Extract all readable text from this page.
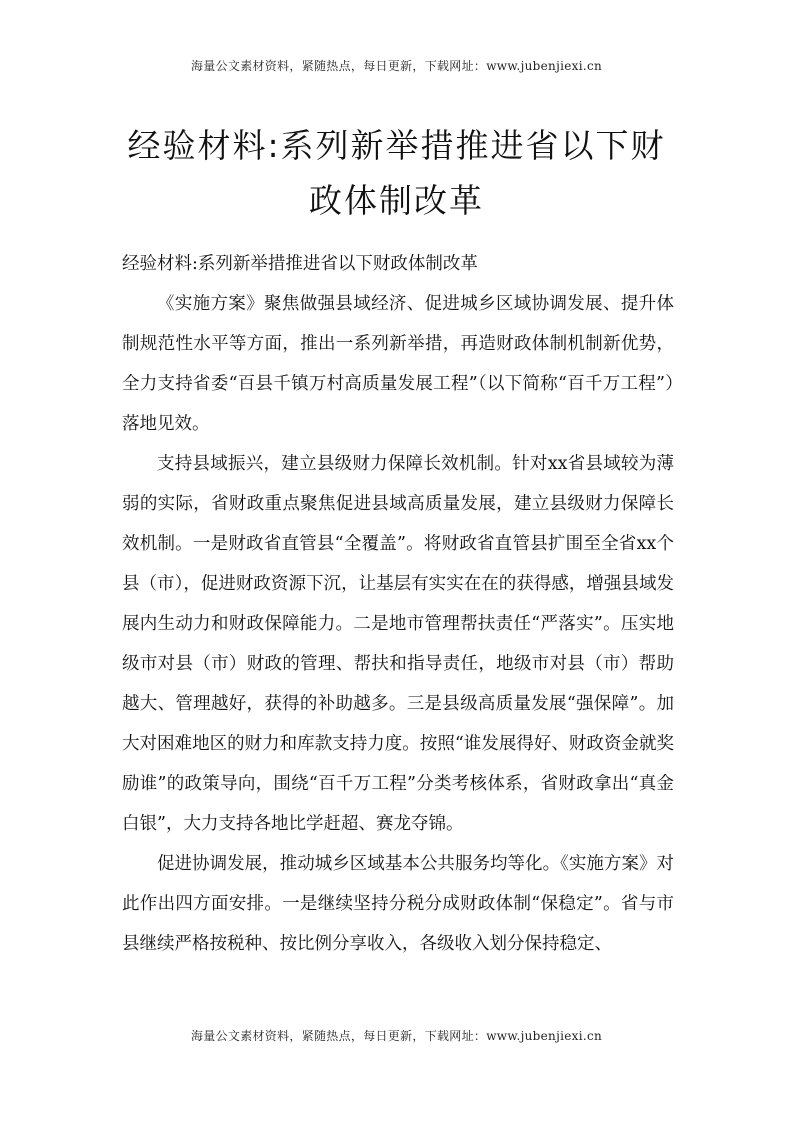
海量公文素材资料，紧随热点，每日更新，下载网址：www.jubenjiexi.cn
经验材料:系列新举措推进省以下财政体制改革

经验材料:系列新举措推进省以下财政体制改革

《实施方案》聚焦做强县域经济、促进城乡区域协调发展、提升体制规范性水平等方面，推出一系列新举措，再造财政体制机制新优势，全力支持省委“百县千镇万村高质量发展工程”（以下简称“百千万工程”）落地见效。

支持县域振兴，建立县级财力保障长效机制。针对xx省县域较为薄弱的实际，省财政重点聚焦促进县域高质量发展，建立县级财力保障长效机制。一是财政省直管县“全覆盖”。将财政省直管县扩围至全省xx个县（市），促进财政资源下沉，让基层有实实在在的获得感，增强县域发展内生动力和财政保障能力。二是地市管理帮扶责任“严落实”。压实地级市对县（市）财政的管理、帮扶和指导责任，地级市对县（市）帮助越大、管理越好，获得的补助越多。三是县级高质量发展“强保障”。加大对困难地区的财力和库款支持力度。按照“谁发展得好、财政资金就奖励谁”的政策导向，围绕“百千万工程”分类考核体系，省财政拿出“真金白银”，大力支持各地比学赶超、赛龙夺锦。

促进协调发展，推动城乡区域基本公共服务均等化。《实施方案》对此作出四方面安排。一是继续坚持分税分成财政体制“保稳定”。省与市县继续严格按税种、按比例分享收入，各级收入划分保持稳定、

海量公文素材资料，紧随热点，每日更新，下载网址：www.jubenjiexi.cn
